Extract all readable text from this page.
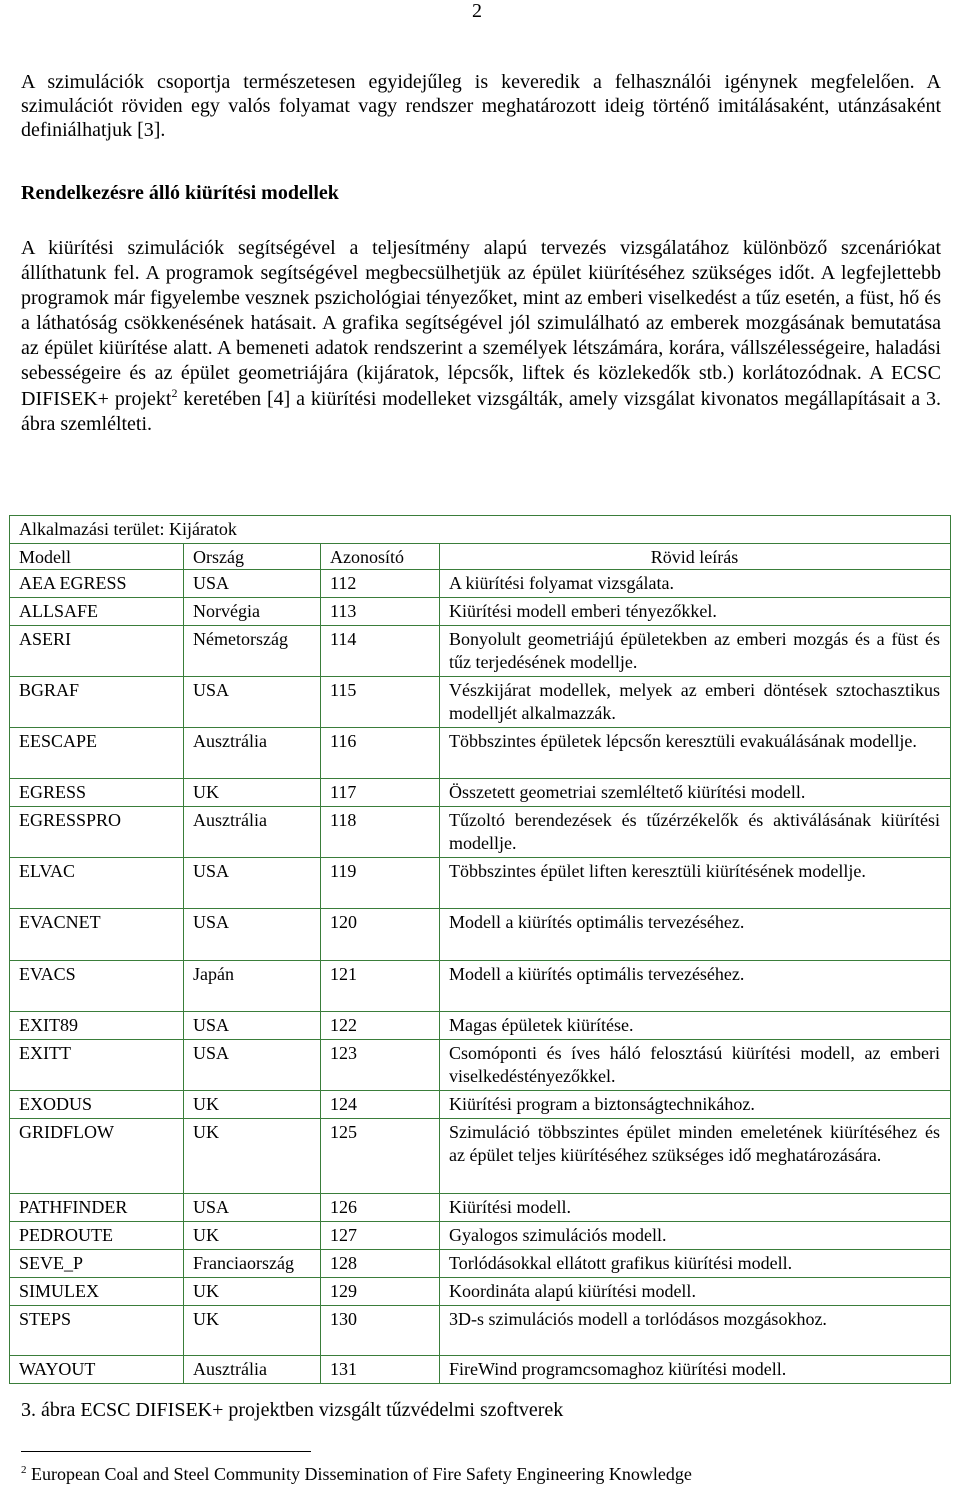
2

A szimulációk csoportja természetesen egyidejűleg is keveredik a felhasználói igénynek megfelelően. A szimulációt röviden egy valós folyamat vagy rendszer meghatározott ideig történő imitálásaként, utánzásaként definiálhatjuk [3].

Rendelkezésre álló kiürítési modellek

A kiürítési szimulációk segítségével a teljesítmény alapú tervezés vizsgálatához különböző szcenáriókat állíthatunk fel. A programok segítségével megbecsülhetjük az épület kiürítéséhez szükséges időt. A legfejlettebb programok már figyelembe vesznek pszichológiai tényezőket, mint az emberi viselkedést a tűz esetén, a füst, hő és a láthatóság csökkenésének hatásait. A grafika segítségével jól szimulálható az emberek mozgásának bemutatása az épület kiürítése alatt. A bemeneti adatok rendszerint a személyek létszámára, korára, vállszélességeire, haladási sebességeire és az épület geometriájára (kijáratok, lépcsők, liftek és közlekedők stb.) korlátozódnak. A ECSC DIFISEK+ projekt$^2$ keretében [4] a kiürítési modelleket vizsgálták, amely vizsgálat kivonatos megállapításait a 3. ábra szemlélteti.

Alkalmazási terület: Kijáratok
Modell	Ország	Azonosító	Rövid leírás
AEA EGRESS	USA	112	A kiürítési folyamat vizsgálata.
ALLSAFE	Norvégia	113	Kiürítési modell emberi tényezőkkel.
ASERI	Németország	114	Bonyolult geometriájú épületekben az emberi mozgás és a füst és tűz terjedésének modellje.
BGRAF	USA	115	Vészkijárat modellek, melyek az emberi döntések sztochasztikus modelljét alkalmazzák.
EESCAPE	Ausztrália	116	Többszintes épületek lépcsőn keresztüli evakuálásának modellje.
EGRESS	UK	117	Összetett geometriai szemléltető kiürítési modell.
EGRESSPRO	Ausztrália	118	Tűzoltó berendezések és tűzérzékelők és aktiválásának kiürítési modellje.
ELVAC	USA	119	Többszintes épület liften keresztüli kiürítésének modellje.
EVACNET	USA	120	Modell a kiürítés optimális tervezéséhez.
EVACS	Japán	121	Modell a kiürítés optimális tervezéséhez.
EXIT89	USA	122	Magas épületek kiürítése.
EXITT	USA	123	Csomóponti és íves háló felosztású kiürítési modell, az emberi viselkedéstényezőkkel.
EXODUS	UK	124	Kiürítési program a biztonságtechnikához.
GRIDFLOW	UK	125	Szimuláció többszintes épület minden emeletének kiürítéséhez és az épület teljes kiürítéséhez szükséges idő meghatározására.
PATHFINDER	USA	126	Kiürítési modell.
PEDROUTE	UK	127	Gyalogos szimulációs modell.
SEVE_P	Franciaország	128	Torlódásokkal ellátott grafikus kiürítési modell.
SIMULEX	UK	129	Koordináta alapú kiürítési modell.
STEPS	UK	130	3D-s szimulációs modell a torlódásos mozgásokhoz.
WAYOUT	Ausztrália	131	FireWind programcsomaghoz kiürítési modell.
3. ábra ECSC DIFISEK+ projektben vizsgált tűzvédelmi szoftverek
$^2$ European Coal and Steel Community Dissemination of Fire Safety Engineering Knowledge
